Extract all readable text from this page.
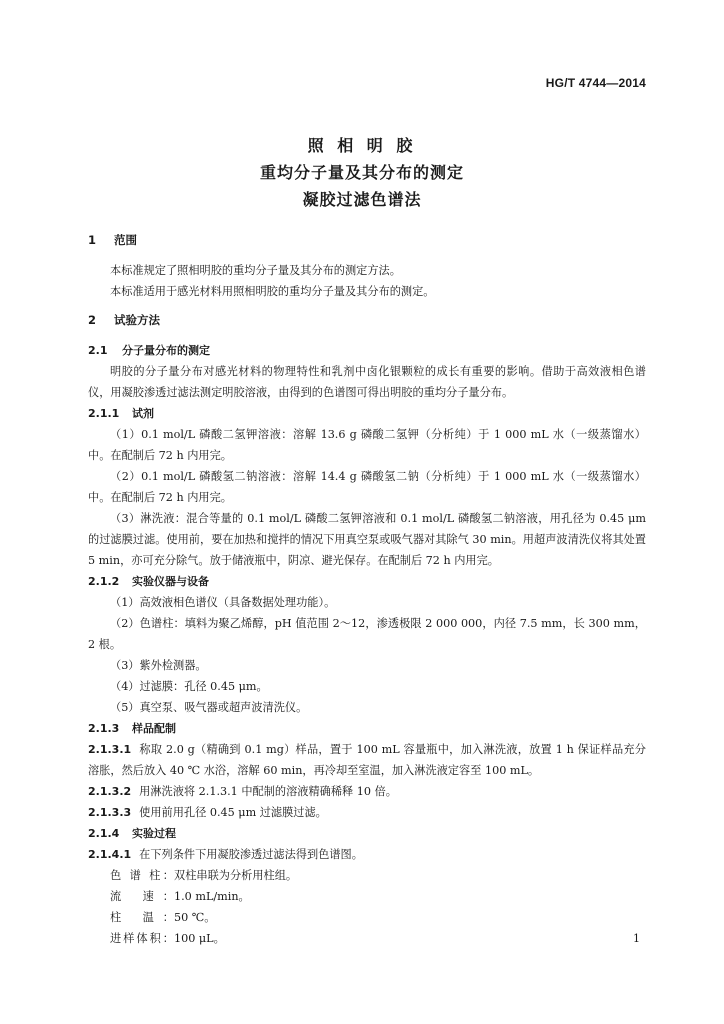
HG/T 4744—2014
照 相 明 胶
重均分子量及其分布的测定
凝胶过滤色谱法
1 范围
本标准规定了照相明胶的重均分子量及其分布的测定方法。
本标准适用于感光材料用照相明胶的重均分子量及其分布的测定。
2 试验方法
2.1 分子量分布的测定
明胶的分子量分布对感光材料的物理特性和乳剂中卤化银颗粒的成长有重要的影响。借助于高效液相色谱仪，用凝胶渗透过滤法测定明胶溶液，由得到的色谱图可得出明胶的重均分子量分布。
2.1.1 试剂
（1）0.1 mol/L 磷酸二氢钾溶液：溶解 13.6 g 磷酸二氢钾（分析纯）于 1 000 mL 水（一级蒸馏水）中。在配制后 72 h 内用完。
（2）0.1 mol/L 磷酸氢二钠溶液：溶解 14.4 g 磷酸氢二钠（分析纯）于 1 000 mL 水（一级蒸馏水）中。在配制后 72 h 内用完。
（3）淋洗液：混合等量的 0.1 mol/L 磷酸二氢钾溶液和 0.1 mol/L 磷酸氢二钠溶液，用孔径为 0.45 μm 的过滤膜过滤。使用前，要在加热和搅拌的情况下用真空泵或吸气器对其除气 30 min。用超声波清洗仪将其处置 5 min，亦可充分除气。放于储液瓶中，阴凉、避光保存。在配制后 72 h 内用完。
2.1.2 实验仪器与设备
（1）高效液相色谱仪（具备数据处理功能）。
（2）色谱柱：填料为聚乙烯醇，pH 值范围 2～12，渗透极限 2 000 000，内径 7.5 mm，长 300 mm，2 根。
（3）紫外检测器。
（4）过滤膜：孔径 0.45 μm。
（5）真空泵、吸气器或超声波清洗仪。
2.1.3 样品配制
2.1.3.1 称取 2.0 g（精确到 0.1 mg）样品，置于 100 mL 容量瓶中，加入淋洗液，放置 1 h 保证样品充分溶胀，然后放入 40 ℃ 水浴，溶解 60 min，再冷却至室温，加入淋洗液定容至 100 mL。
2.1.3.2 用淋洗液将 2.1.3.1 中配制的溶液精确稀释 10 倍。
2.1.3.3 使用前用孔径 0.45 μm 过滤膜过滤。
2.1.4 实验过程
2.1.4.1 在下列条件下用凝胶渗透过滤法得到色谱图。
色 谱 柱：双柱串联为分析用柱组。
流 速：1.0 mL/min。
柱 温：50 ℃。
进样体积：100 μL。	1
